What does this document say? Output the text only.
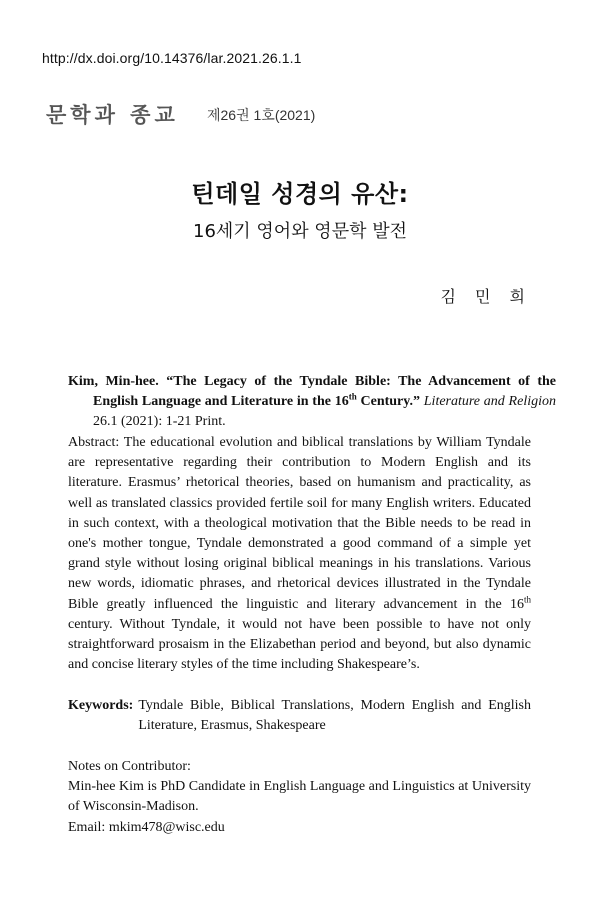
http://dx.doi.org/10.14376/lar.2021.26.1.1
문학과 종교 제26권 1호(2021)
틴데일 성경의 유산:
16세기 영어와 영문학 발전
김 민 희
Kim, Min-hee. “The Legacy of the Tyndale Bible: The Advancement of the English Language and Literature in the 16th Century.” Literature and Religion 26.1 (2021): 1-21 Print.
Abstract: The educational evolution and biblical translations by William Tyndale are representative regarding their contribution to Modern English and its literature. Erasmus’ rhetorical theories, based on humanism and practicality, as well as translated classics provided fertile soil for many English writers. Educated in such context, with a theological motivation that the Bible needs to be read in one's mother tongue, Tyndale demonstrated a good command of a simple yet grand style without losing original biblical meanings in his translations. Various new words, idiomatic phrases, and rhetorical devices illustrated in the Tyndale Bible greatly influenced the linguistic and literary advancement in the 16th century. Without Tyndale, it would not have been possible to have not only straightforward prosaism in the Elizabethan period and beyond, but also dynamic and concise literary styles of the time including Shakespeare’s.
Keywords: Tyndale Bible, Biblical Translations, Modern English and English Literature, Erasmus, Shakespeare
Notes on Contributor:
Min-hee Kim is PhD Candidate in English Language and Linguistics at University of Wisconsin-Madison.
Email: mkim478@wisc.edu
